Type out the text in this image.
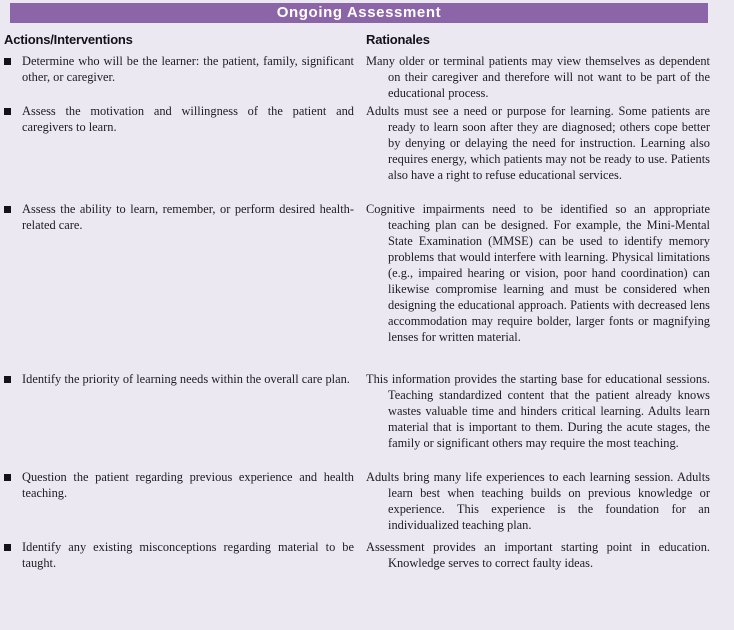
Ongoing Assessment
Actions/Interventions	Rationales
Determine who will be the learner: the patient, family, significant other, or caregiver.
Many older or terminal patients may view themselves as dependent on their caregiver and therefore will not want to be part of the educational process.
Assess the motivation and willingness of the patient and caregivers to learn.
Adults must see a need or purpose for learning. Some patients are ready to learn soon after they are diagnosed; others cope better by denying or delaying the need for instruction. Learning also requires energy, which patients may not be ready to use. Patients also have a right to refuse educational services.
Assess the ability to learn, remember, or perform desired health-related care.
Cognitive impairments need to be identified so an appropriate teaching plan can be designed. For example, the Mini-Mental State Examination (MMSE) can be used to identify memory problems that would interfere with learning. Physical limitations (e.g., impaired hearing or vision, poor hand coordination) can likewise compromise learning and must be considered when designing the educational approach. Patients with decreased lens accommodation may require bolder, larger fonts or magnifying lenses for written material.
Identify the priority of learning needs within the overall care plan. This information provides the starting base for educational sessions. Teaching standardized content that the patient already knows wastes valuable time and hinders critical learning. Adults learn material that is important to them. During the acute stages, the family or significant others may require the most teaching.
Question the patient regarding previous experience and health teaching.
Adults bring many life experiences to each learning session. Adults learn best when teaching builds on previous knowledge or experience. This experience is the foundation for an individualized teaching plan.
Identify any existing misconceptions regarding material to be taught.
Assessment provides an important starting point in education. Knowledge serves to correct faulty ideas.
